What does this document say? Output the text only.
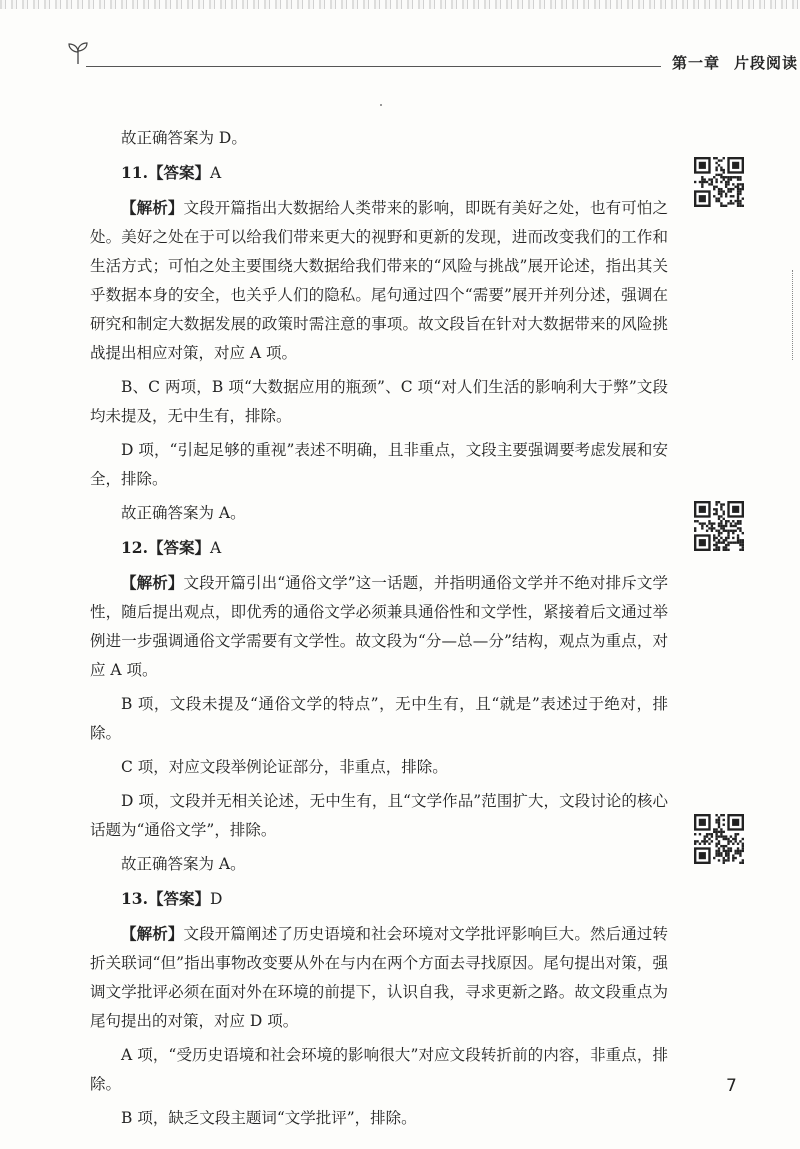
第一章 片段阅读

故正确答案为 D。

11.【答案】A

【解析】文段开篇指出大数据给人类带来的影响，即既有美好之处，也有可怕之处。美好之处在于可以给我们带来更大的视野和更新的发现，进而改变我们的工作和生活方式；可怕之处主要围绕大数据给我们带来的“风险与挑战”展开论述，指出其关乎数据本身的安全，也关乎人们的隐私。尾句通过四个“需要”展开并列分述，强调在研究和制定大数据发展的政策时需注意的事项。故文段旨在针对大数据带来的风险挑战提出相应对策，对应 A 项。

B、C 两项，B 项“大数据应用的瓶颈”、C 项“对人们生活的影响利大于弊”文段均未提及，无中生有，排除。

D 项，“引起足够的重视”表述不明确，且非重点，文段主要强调要考虑发展和安全，排除。

故正确答案为 A。

12.【答案】A

【解析】文段开篇引出“通俗文学”这一话题，并指明通俗文学并不绝对排斥文学性，随后提出观点，即优秀的通俗文学必须兼具通俗性和文学性，紧接着后文通过举例进一步强调通俗文学需要有文学性。故文段为“分—总—分”结构，观点为重点，对应 A 项。

B 项，文段未提及“通俗文学的特点”，无中生有，且“就是”表述过于绝对，排除。

C 项，对应文段举例论证部分，非重点，排除。

D 项，文段并无相关论述，无中生有，且“文学作品”范围扩大，文段讨论的核心话题为“通俗文学”，排除。

故正确答案为 A。

13.【答案】D

【解析】文段开篇阐述了历史语境和社会环境对文学批评影响巨大。然后通过转折关联词“但”指出事物改变要从外在与内在两个方面去寻找原因。尾句提出对策，强调文学批评必须在面对外在环境的前提下，认识自我，寻求更新之路。故文段重点为尾句提出的对策，对应 D 项。

A 项，“受历史语境和社会环境的影响很大”对应文段转折前的内容，非重点，排除。

B 项，缺乏文段主题词“文学批评”，排除。

7
